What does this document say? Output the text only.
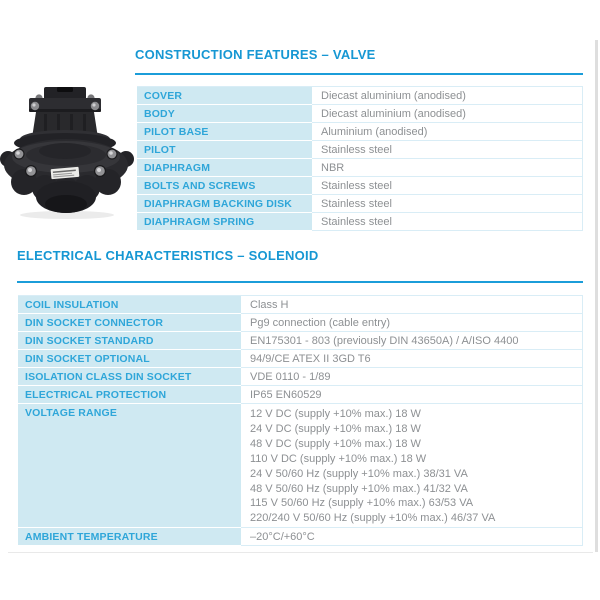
CONSTRUCTION FEATURES – VALVE
COVER	Diecast aluminium (anodised)
BODY	Diecast aluminium (anodised)
PILOT BASE	Aluminium (anodised)
PILOT	Stainless steel
DIAPHRAGM	NBR
BOLTS AND SCREWS	Stainless steel
DIAPHRAGM BACKING DISK	Stainless steel
DIAPHRAGM SPRING	Stainless steel
ELECTRICAL CHARACTERISTICS – SOLENOID
COIL INSULATION	Class H
DIN SOCKET CONNECTOR	Pg9 connection (cable entry)
DIN SOCKET STANDARD	EN175301 - 803 (previously DIN 43650A) / A/ISO 4400
DIN SOCKET OPTIONAL	94/9/CE ATEX II 3GD T6
ISOLATION CLASS DIN SOCKET	VDE 0110 - 1/89
ELECTRICAL PROTECTION	IP65 EN60529
VOLTAGE RANGE	12 V DC (supply +10% max.) 18 W
24 V DC (supply +10% max.) 18 W
48 V DC (supply +10% max.) 18 W
110 V DC (supply +10% max.) 18 W
24 V 50/60 Hz (supply +10% max.) 38/31 VA
48 V 50/60 Hz (supply +10% max.) 41/32 VA
115 V 50/60 Hz (supply +10% max.) 63/53 VA
220/240 V 50/60 Hz (supply +10% max.) 46/37 VA
AMBIENT TEMPERATURE	–20°C/+60°C
